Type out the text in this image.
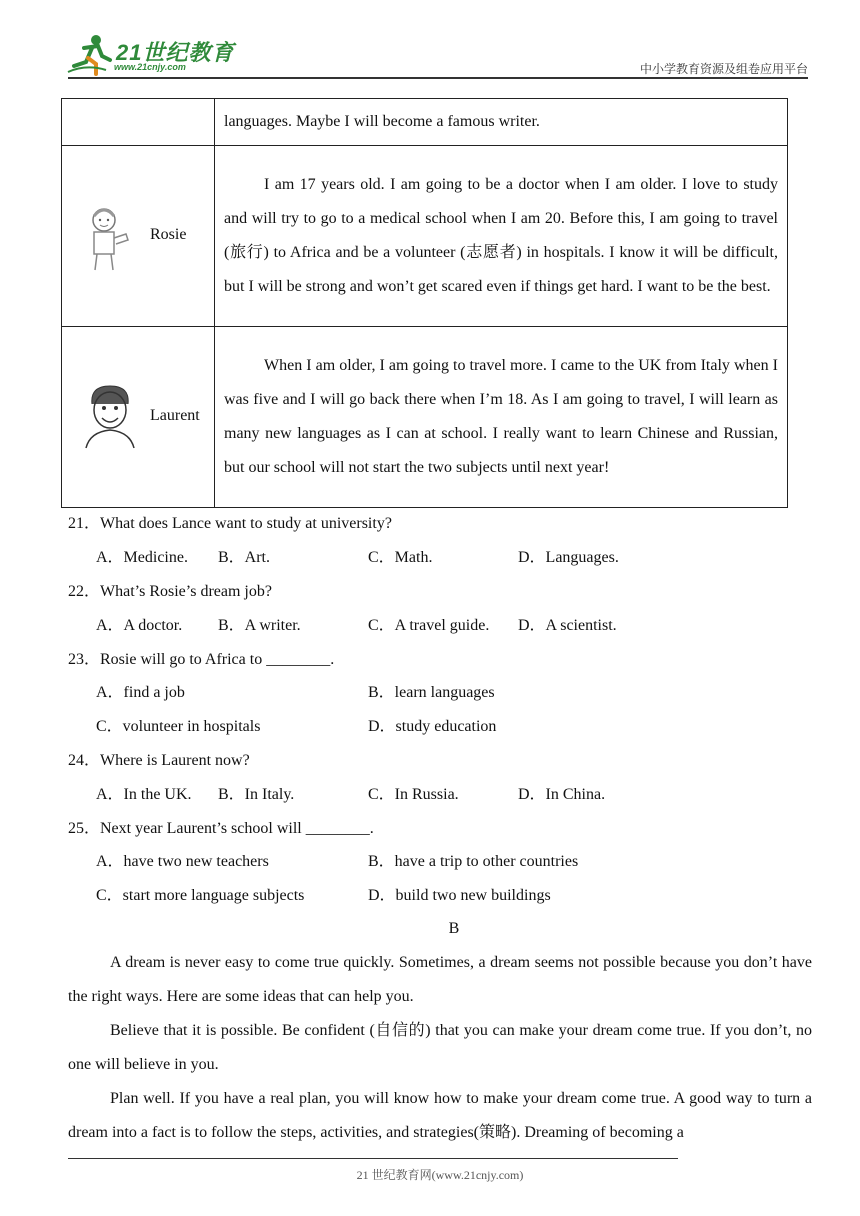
21世纪教育
www.21cnjy.com	中小学教育资源及组卷应用平台
	languages. Maybe I will become a famous writer.

Rosie	I am 17 years old. I am going to be a doctor when I am older. I love to study and will try to go to a medical school when I am 20. Before this, I am going to travel (旅行) to Africa and be a volunteer (志愿者) in hospitals. I know it will be difficult, but I will be strong and won’t get scared even if things get hard. I want to be the best.

Laurent	When I am older, I am going to travel more. I came to the UK from Italy when I was five and I will go back there when I’m 18. As I am going to travel, I will learn as many new languages as I can at school. I really want to learn Chinese and Russian, but our school will not start the two subjects until next year!
21．What does Lance want to study at university?
A．Medicine. B．Art.	C．Math.	D．Languages.
22．What’s Rosie’s dream job?
A．A doctor. B．A writer.	C．A travel guide. D．A scientist.
23．Rosie will go to Africa to ________.
A．find a job	B．learn languages
C．volunteer in hospitals	D．study education
24．Where is Laurent now?
A．In the UK. B．In Italy.	C．In Russia.	D．In China.
25．Next year Laurent’s school will ________.
A．have two new teachers	B．have a trip to other countries
C．start more language subjects	D．build two new buildings
B
A dream is never easy to come true quickly. Sometimes, a dream seems not possible because you don’t have the right ways. Here are some ideas that can help you.
Believe that it is possible. Be confident (自信的) that you can make your dream come true. If you don’t, no one will believe in you.
Plan well. If you have a real plan, you will know how to make your dream come true. A good way to turn a dream into a fact is to follow the steps, activities, and strategies(策略). Dreaming of becoming a
21 世纪教育网(www.21cnjy.com)
